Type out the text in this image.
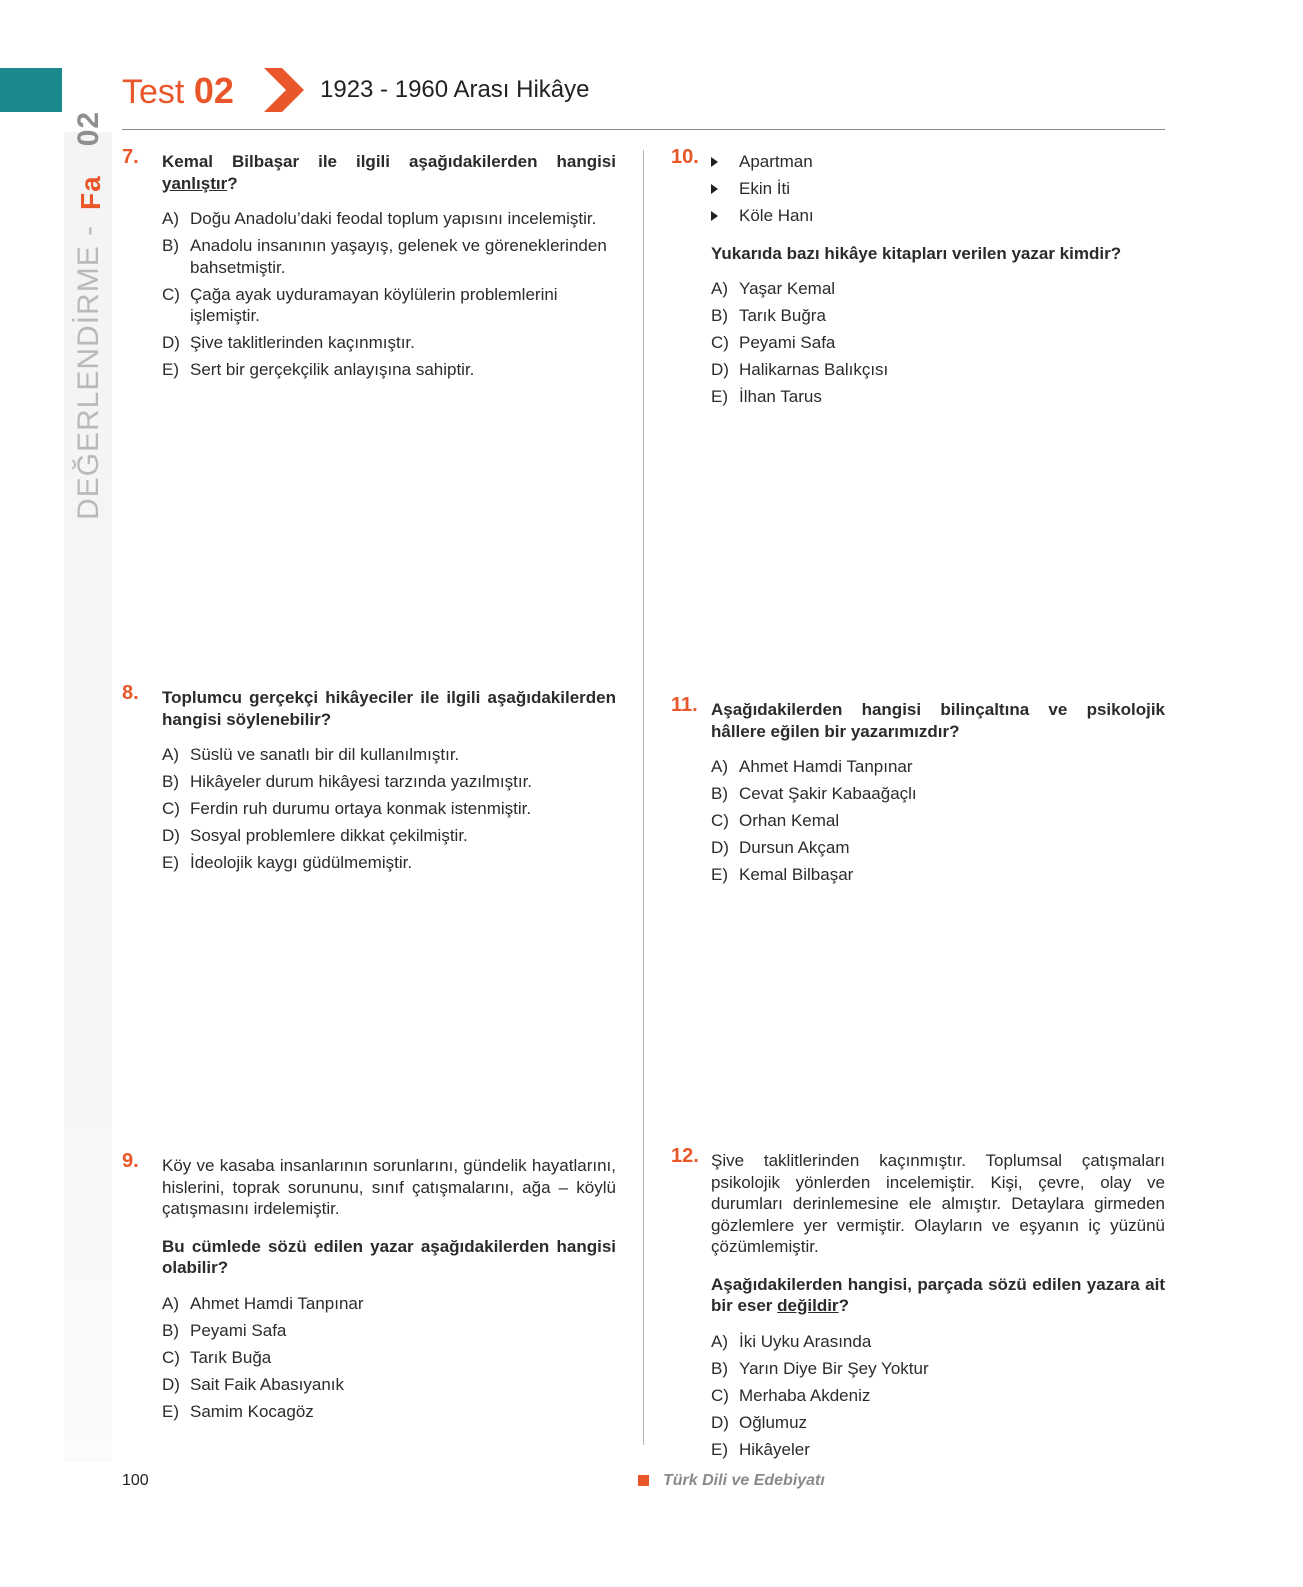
DEĞERLENDİRME -
Fa
02
Test 02	1923 - 1960 Arası Hikâye
7. Kemal Bilbaşar ile ilgili aşağıdakilerden hangisi yanlıştır?
A) Doğu Anadolu’daki feodal toplum yapısını incelemiştir.
B) Anadolu insanının yaşayış, gelenek ve göreneklerinden bahsetmiştir.
C) Çağa ayak uyduramayan köylülerin problemlerini işlemiştir.
D) Şive taklitlerinden kaçınmıştır.
E) Sert bir gerçekçilik anlayışına sahiptir.
8. Toplumcu gerçekçi hikâyeciler ile ilgili aşağıdakilerden hangisi söylenebilir?
A) Süslü ve sanatlı bir dil kullanılmıştır.
B) Hikâyeler durum hikâyesi tarzında yazılmıştır.
C) Ferdin ruh durumu ortaya konmak istenmiştir.
D) Sosyal problemlere dikkat çekilmiştir.
E) İdeolojik kaygı güdülmemiştir.
9. Köy ve kasaba insanlarının sorunlarını, gündelik hayatlarını, hislerini, toprak sorununu, sınıf çatışmalarını, ağa – köylü çatışmasını irdelemiştir.
Bu cümlede sözü edilen yazar aşağıdakilerden hangisi olabilir?
A) Ahmet Hamdi Tanpınar
B) Peyami Safa
C) Tarık Buğa
D) Sait Faik Abasıyanık
E) Samim Kocagöz
10. Apartman
Ekin İti
Köle Hanı
Yukarıda bazı hikâye kitapları verilen yazar kimdir?
A) Yaşar Kemal
B) Tarık Buğra
C) Peyami Safa
D) Halikarnas Balıkçısı
E) İlhan Tarus
11. Aşağıdakilerden hangisi bilinçaltına ve psikolojik hâllere eğilen bir yazarımızdır?
A) Ahmet Hamdi Tanpınar
B) Cevat Şakir Kabaağaçlı
C) Orhan Kemal
D) Dursun Akçam
E) Kemal Bilbaşar
12. Şive taklitlerinden kaçınmıştır. Toplumsal çatışmaları psikolojik yönlerden incelemiştir. Kişi, çevre, olay ve durumları derinlemesine ele almıştır. Detaylara girmeden gözlemlere yer vermiştir. Olayların ve eşyanın iç yüzünü çözümlemiştir.
Aşağıdakilerden hangisi, parçada sözü edilen yazara ait bir eser değildir?
A) İki Uyku Arasında
B) Yarın Diye Bir Şey Yoktur
C) Merhaba Akdeniz
D) Oğlumuz
E) Hikâyeler
100	Türk Dili ve Edebiyatı
